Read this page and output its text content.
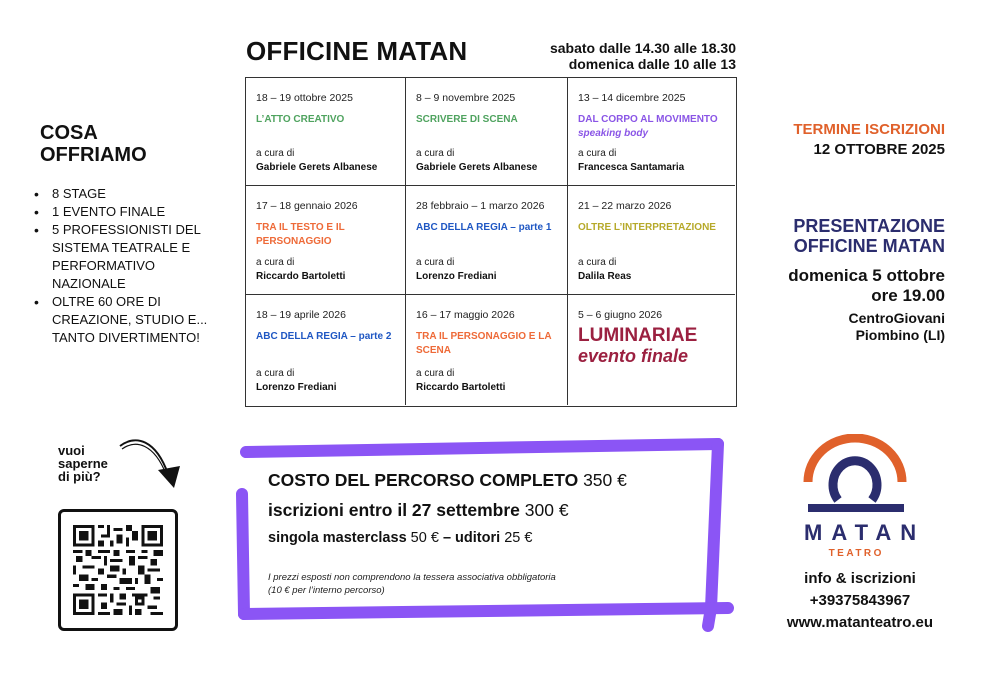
OFFICINE MATAN	sabato dalle 14.30 alle 18.30
domenica dalle 10 alle 13
18 – 19 ottobre 2025
L’ATTO CREATIVO
a cura di
Gabriele Gerets Albanese
8 – 9 novembre 2025
SCRIVERE DI SCENA
a cura di
Gabriele Gerets Albanese
13 – 14 dicembre 2025
DAL CORPO AL MOVIMENTO
speaking body
a cura di
Francesca Santamaria
17 – 18 gennaio 2026
TRA IL TESTO E IL PERSONAGGIO
a cura di
Riccardo Bartoletti
28 febbraio – 1 marzo 2026
ABC DELLA REGIA – parte 1
a cura di
Lorenzo Frediani
21 – 22 marzo 2026
OLTRE L’INTERPRETAZIONE
a cura di
Dalila Reas
18 – 19 aprile 2026
ABC DELLA REGIA – parte 2
a cura di
Lorenzo Frediani
16 – 17 maggio 2026
TRA IL PERSONAGGIO E LA SCENA
a cura di
Riccardo Bartoletti
5 – 6 giugno 2026
LUMINARIAE
evento finale
COSA
OFFRIAMO
• 8 STAGE
• 1 EVENTO FINALE
• 5 PROFESSIONISTI DEL SISTEMA TEATRALE E PERFORMATIVO NAZIONALE
• OLTRE 60 ORE DI CREAZIONE, STUDIO E... TANTO DIVERTIMENTO!
vuoi
saperne
di più?
TERMINE ISCRIZIONI
12 OTTOBRE 2025
PRESENTAZIONE
OFFICINE MATAN
domenica 5 ottobre
ore 19.00
CentroGiovani
Piombino (LI)
MATAN
TEATRO
info & iscrizioni
+39375843967
www.matanteatro.eu
COSTO DEL PERCORSO COMPLETO 350 €
iscrizioni entro il 27 settembre 300 €
singola masterclass 50 € – uditori 25 €
I prezzi esposti non comprendono la tessera associativa obbligatoria
(10 € per l’interno percorso)
